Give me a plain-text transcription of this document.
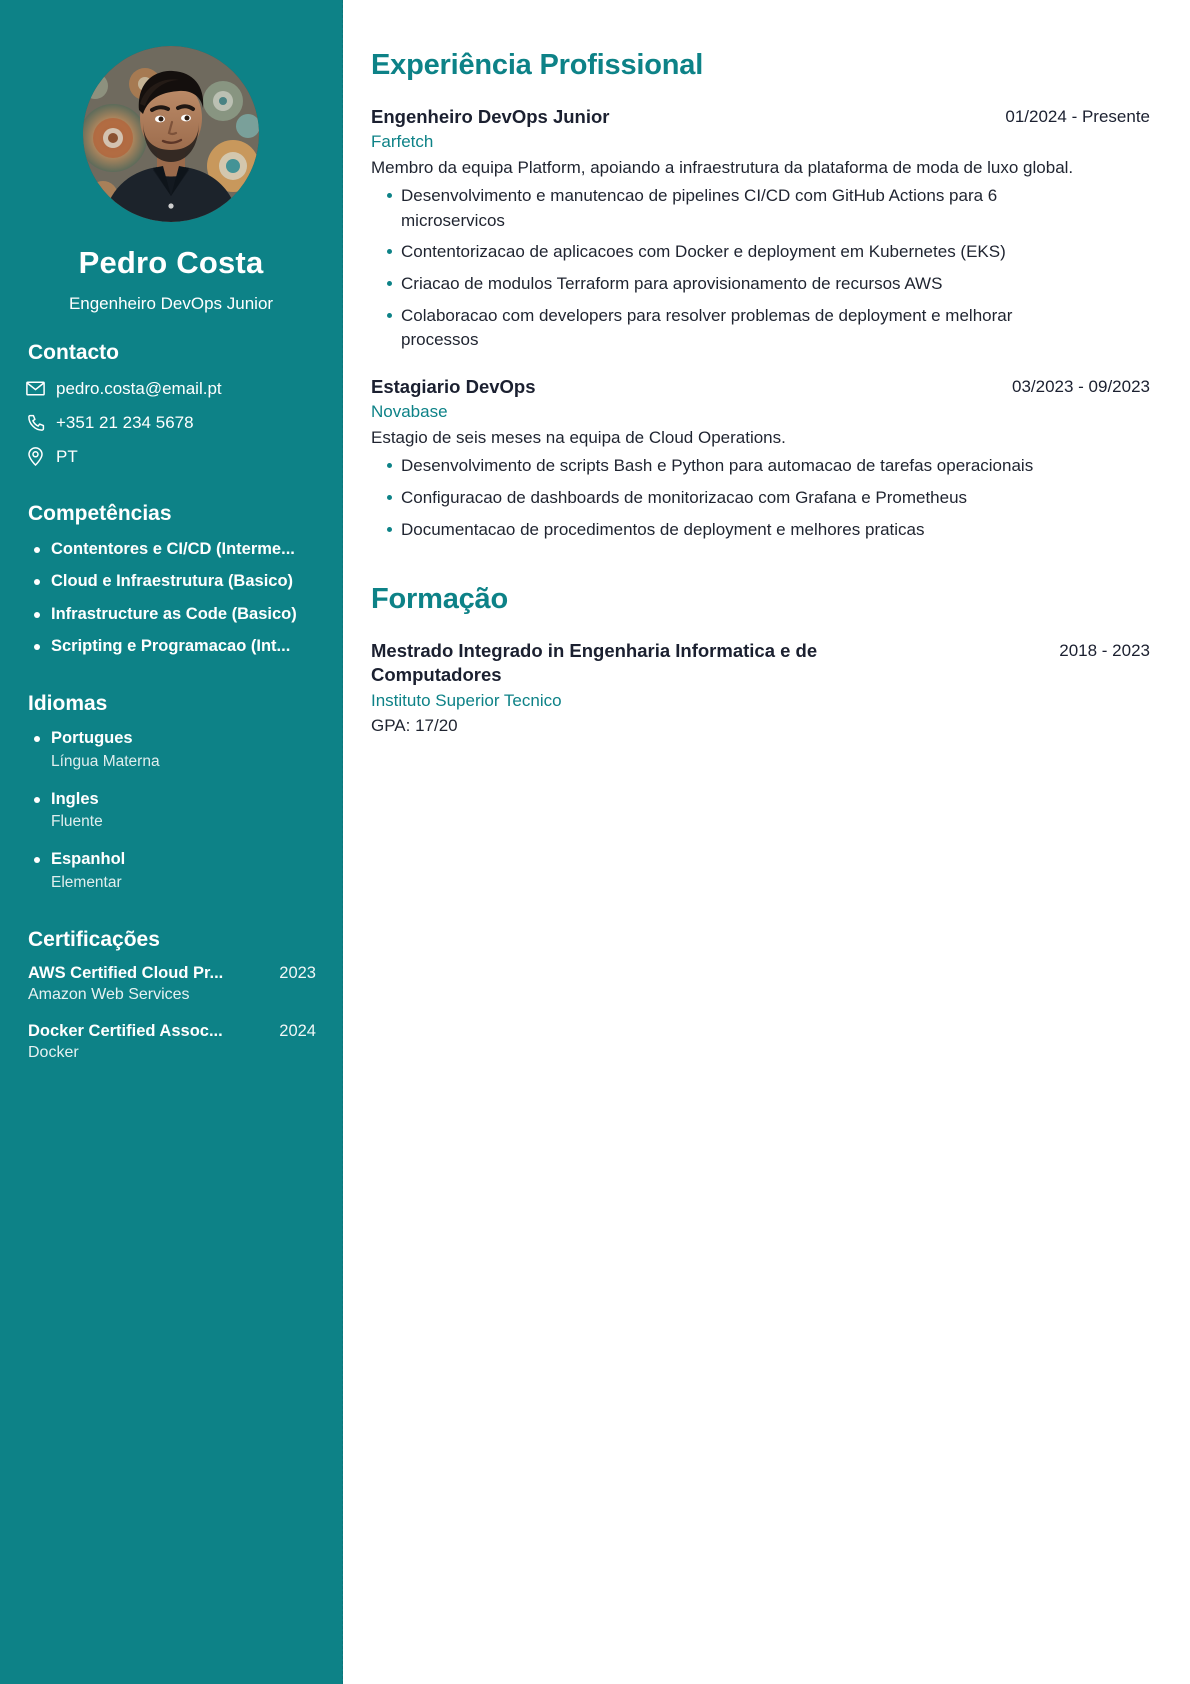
Pedro Costa
Engenheiro DevOps Junior
Contacto
pedro.costa@email.pt
+351 21 234 5678
PT
Competências
Contentores e CI/CD (Interme...
Cloud e Infraestrutura (Basico)
Infrastructure as Code (Basico)
Scripting e Programacao (Int...
Idiomas
Portugues
Língua Materna
Ingles
Fluente
Espanhol
Elementar
Certificações
AWS Certified Cloud Pr...	2023
Amazon Web Services
Docker Certified Assoc...	2024
Docker
Experiência Profissional
Engenheiro DevOps Junior	01/2024 - Presente
Farfetch
Membro da equipa Platform, apoiando a infraestrutura da plataforma de moda de luxo global.
Desenvolvimento e manutencao de pipelines CI/CD com GitHub Actions para 6 microservicos
Contentorizacao de aplicacoes com Docker e deployment em Kubernetes (EKS)
Criacao de modulos Terraform para aprovisionamento de recursos AWS
Colaboracao com developers para resolver problemas de deployment e melhorar processos
Estagiario DevOps	03/2023 - 09/2023
Novabase
Estagio de seis meses na equipa de Cloud Operations.
Desenvolvimento de scripts Bash e Python para automacao de tarefas operacionais
Configuracao de dashboards de monitorizacao com Grafana e Prometheus
Documentacao de procedimentos de deployment e melhores praticas
Formação
Mestrado Integrado in Engenharia Informatica e de Computadores
2018 - 2023
Instituto Superior Tecnico
GPA: 17/20
